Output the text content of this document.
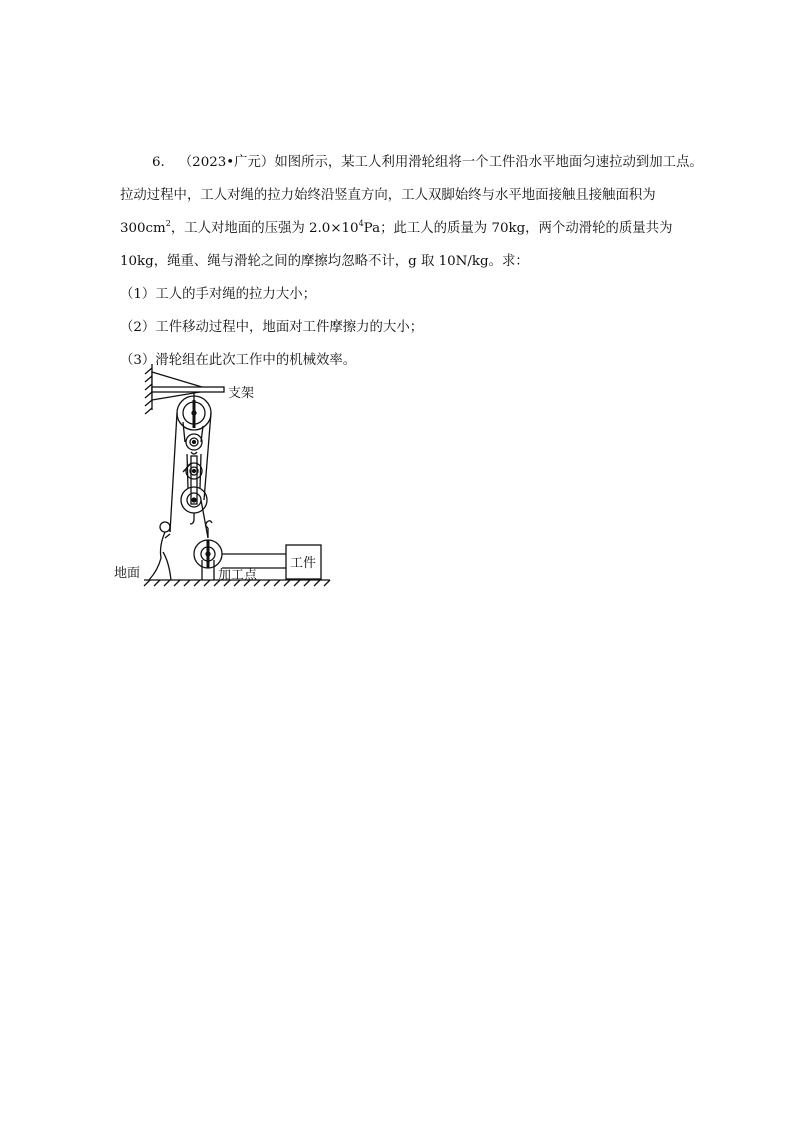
6. （2023•广元）如图所示，某工人利用滑轮组将一个工件沿水平地面匀速拉动到加工点。拉动过程中，工人对绳的拉力始终沿竖直方向，工人双脚始终与水平地面接触且接触面积为 $300cm^2$，工人对地面的压强为 $2.0\times 10^4Pa$；此工人的质量为 70kg，两个动滑轮的质量共为 10kg，绳重、绳与滑轮之间的摩擦均忽略不计，g 取 10N/kg。求：

（1）工人的手对绳的拉力大小；

（2）工件移动过程中，地面对工件摩擦力的大小；

（3）滑轮组在此次工作中的机械效率。

支架
地面	加工点
工件
